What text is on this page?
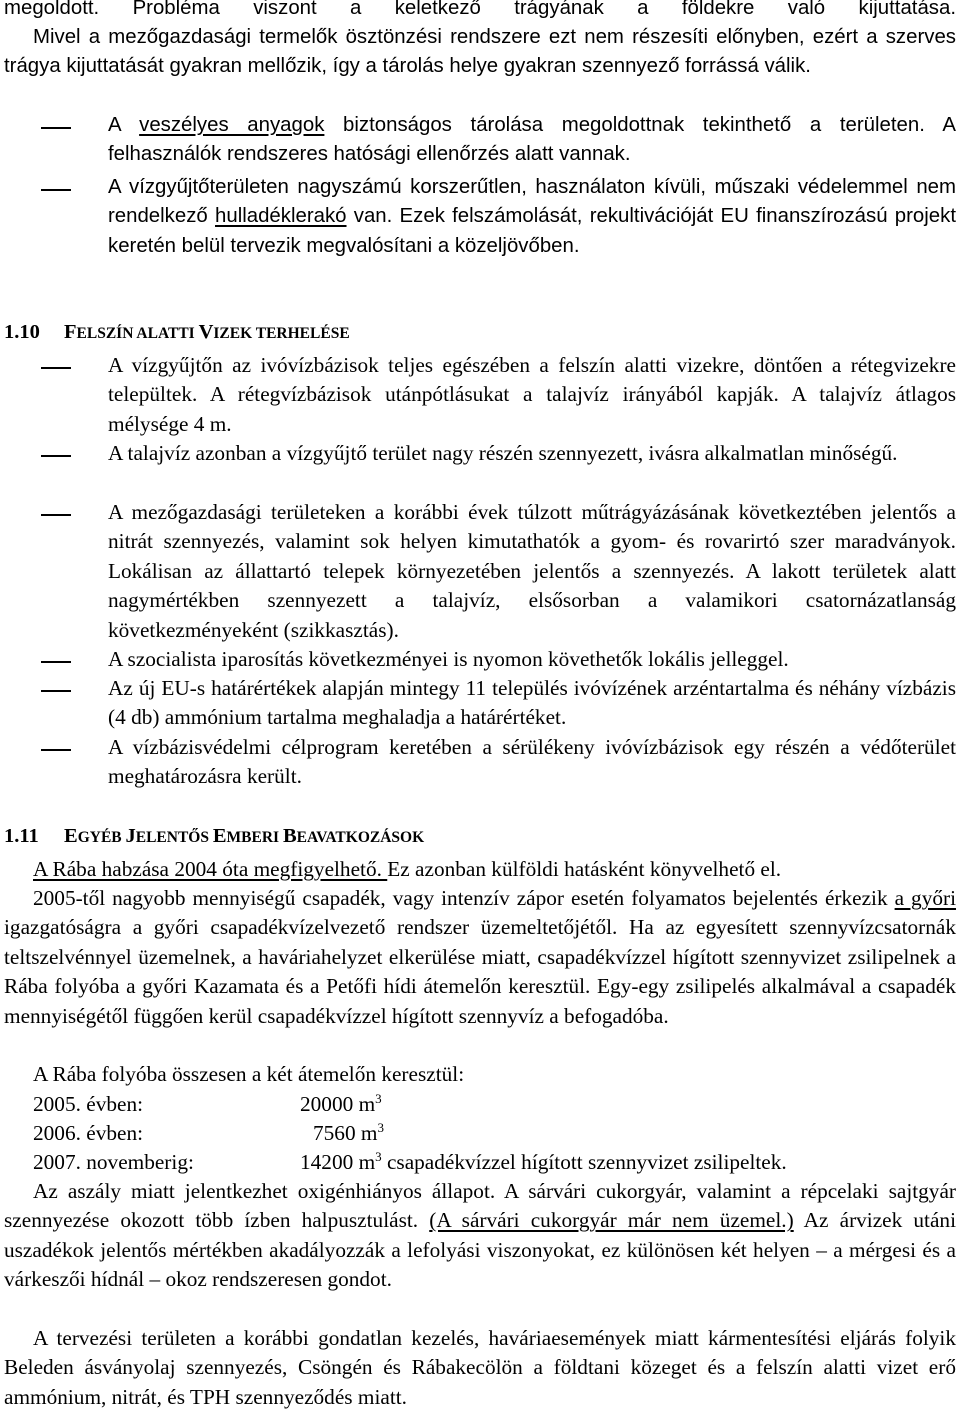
megoldott. Probléma viszont a keletkező trágyának a földekre való kijuttatása.

Mivel a mezőgazdasági termelők ösztönzési rendszere ezt nem részesíti előnyben, ezért a szerves trágya kijuttatását gyakran mellőzik, így a tárolás helye gyakran szennyező forrássá válik.

A veszélyes anyagok biztonságos tárolása megoldottnak tekinthető a területen. A felhasználók rendszeres hatósági ellenőrzés alatt vannak.

A vízgyűjtőterületen nagyszámú korszerűtlen, használaton kívüli, műszaki védelemmel nem rendelkező hulladéklerakó van. Ezek felszámolását, rekultivációját EU finanszírozású projekt keretén belül tervezik megvalósítani a közeljövőben.

1.10 FELSZÍN ALATTI VIZEK TERHELÉSE

A vízgyűjtőn az ivóvízbázisok teljes egészében a felszín alatti vizekre, döntően a rétegvizekre települtek. A rétegvízbázisok utánpótlásukat a talajvíz irányából kapják. A talajvíz átlagos mélysége 4 m.

A talajvíz azonban a vízgyűjtő terület nagy részén szennyezett, ivásra alkalmatlan minőségű.

A mezőgazdasági területeken a korábbi évek túlzott műtrágyázásának következtében jelentős a nitrát szennyezés, valamint sok helyen kimutathatók a gyom- és rovarirtó szer maradványok. Lokálisan az állattartó telepek környezetében jelentős a szennyezés. A lakott területek alatt nagymértékben szennyezett a talajvíz, elsősorban a valamikori csatornázatlanság következményeként (szikkasztás).

A szocialista iparosítás következményei is nyomon követhetők lokális jelleggel.

Az új EU-s határértékek alapján mintegy 11 település ivóvízének arzéntartalma és néhány vízbázis (4 db) ammónium tartalma meghaladja a határértéket.

A vízbázisvédelmi célprogram keretében a sérülékeny ivóvízbázisok egy részén a védőterület meghatározásra került.

1.11 EGYÉB JELENTŐS EMBERI BEAVATKOZÁSOK

A Rába habzása 2004 óta megfigyelhető. Ez azonban külföldi hatásként könyvelhető el.

2005-től nagyobb mennyiségű csapadék, vagy intenzív zápor esetén folyamatos bejelentés érkezik a győri igazgatóságra a győri csapadékvízelvezető rendszer üzemeltetőjétől. Ha az egyesített szennyvízcsatornák teltszelvénnyel üzemelnek, a haváriahelyzet elkerülése miatt, csapadékvízzel hígított szennyvizet zsilipelnek a Rába folyóba a győri Kazamata és a Petőfi hídi átemelőn keresztül. Egy-egy zsilipelés alkalmával a csapadék mennyiségétől függően kerül csapadékvízzel hígított szennyvíz a befogadóba.

A Rába folyóba összesen a két átemelőn keresztül:

2005. évben:	20000 $m^3$

2006. évben:	7560 $m^3$

2007. novemberig:	14200 $m^3$ csapadékvízzel hígított szennyvizet zsilipeltek.

Az aszály miatt jelentkezhet oxigénhiányos állapot. A sárvári cukorgyár, valamint a répcelaki sajtgyár szennyezése okozott több ízben halpusztulást. (A sárvári cukorgyár már nem üzemel.) Az árvizek utáni uszadékok jelentős mértékben akadályozzák a lefolyási viszonyokat, ez különösen két helyen – a mérgesi és a várkeszői hídnál – okoz rendszeresen gondot.

A tervezési területen a korábbi gondatlan kezelés, haváriaesemények miatt kármentesítési eljárás folyik Beleden ásványolaj szennyezés, Csöngén és Rábakecölön a földtani közeget és a felszín alatti vizet erő ammónium, nitrát, és TPH szennyeződés miatt.
